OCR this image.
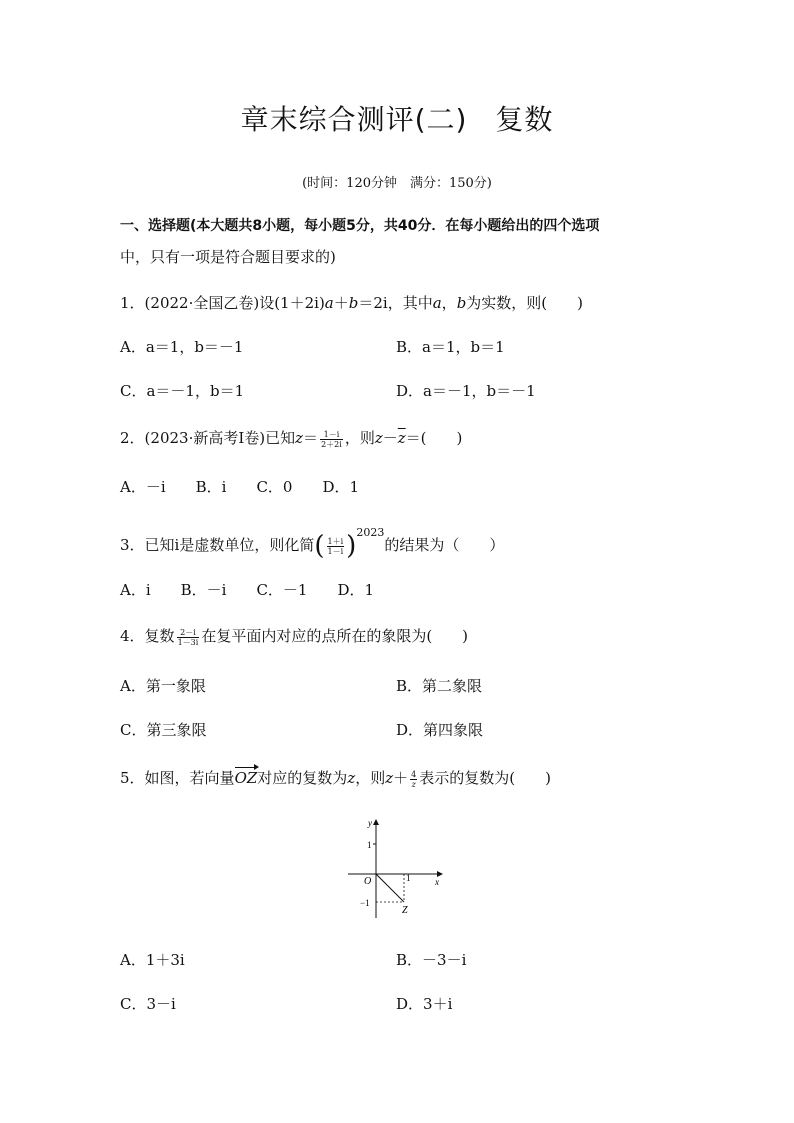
章末综合测评(二) 复数
(时间：120分钟　满分：150分)
一、选择题(本大题共8小题，每小题5分，共40分．在每小题给出的四个选项
中，只有一项是符合题目要求的)
1．(2022·全国乙卷)设(1＋2i)a＋b＝2i，其中a，b为实数，则(　　)
A．a＝1，b＝－1	B．a＝1，b＝1
C．a＝－1，b＝1	D．a＝－1，b＝－1
2．(2023·新高考Ⅰ卷)已知$z= \frac{1-i}{2+2i}$ ，则$z-\overline{z}=$(　　)
A．－i　　B．i　　C．0　　D．1
3．已知i是虚数单位，则化简( $\frac{1+i}{1-i} )^{2023}$的结果为（　　）
A．i　　B．－i　　C．－1　　D．1
4．复数 $\frac{2-i}{1-3i}$ 在复平面内对应的点所在的象限为(　　)
A．第一象限	B．第二象限
C．第三象限	D．第四象限
5．如图，若向量OZ对应的复数为z，则$z+ \frac{4}{z}$ 表示的复数为(　　)
y
x
O
1
1
−1
Z
A．1＋3i	B．－3－i
C．3－i	D．3＋i
